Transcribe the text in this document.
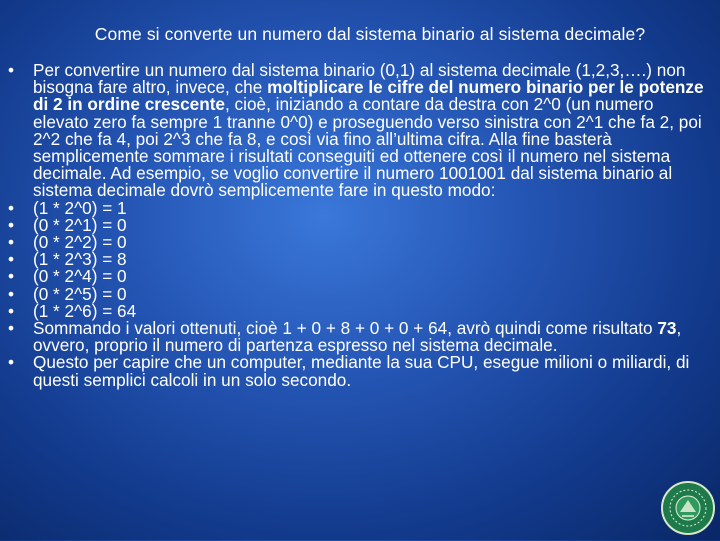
Come si converte un numero dal sistema binario al sistema decimale?
• Per convertire un numero dal sistema binario (0,1) al sistema decimale (1,2,3,….) non bisogna fare altro, invece, che moltiplicare le cifre del numero binario per le potenze di 2 in ordine crescente, cioè, iniziando a contare da destra con 2^0 (un numero elevato zero fa sempre 1 tranne 0^0) e proseguendo verso sinistra con 2^1 che fa 2, poi 2^2 che fa 4, poi 2^3 che fa 8, e così via fino all’ultima cifra. Alla fine basterà semplicemente sommare i risultati conseguiti ed ottenere così il numero nel sistema decimale. Ad esempio, se voglio convertire il numero 1001001 dal sistema binario al sistema decimale dovrò semplicemente fare in questo modo:
• (1 * 2^0) = 1
• (0 * 2^1) = 0
• (0 * 2^2) = 0
• (1 * 2^3) = 8
• (0 * 2^4) = 0
• (0 * 2^5) = 0
• (1 * 2^6) = 64
• Sommando i valori ottenuti, cioè 1 + 0 + 8 + 0 + 0 + 64, avrò quindi come risultato 73, ovvero, proprio il numero di partenza espresso nel sistema decimale.
• Questo per capire che un computer, mediante la sua CPU, esegue milioni o miliardi, di questi semplici calcoli in un solo secondo.
